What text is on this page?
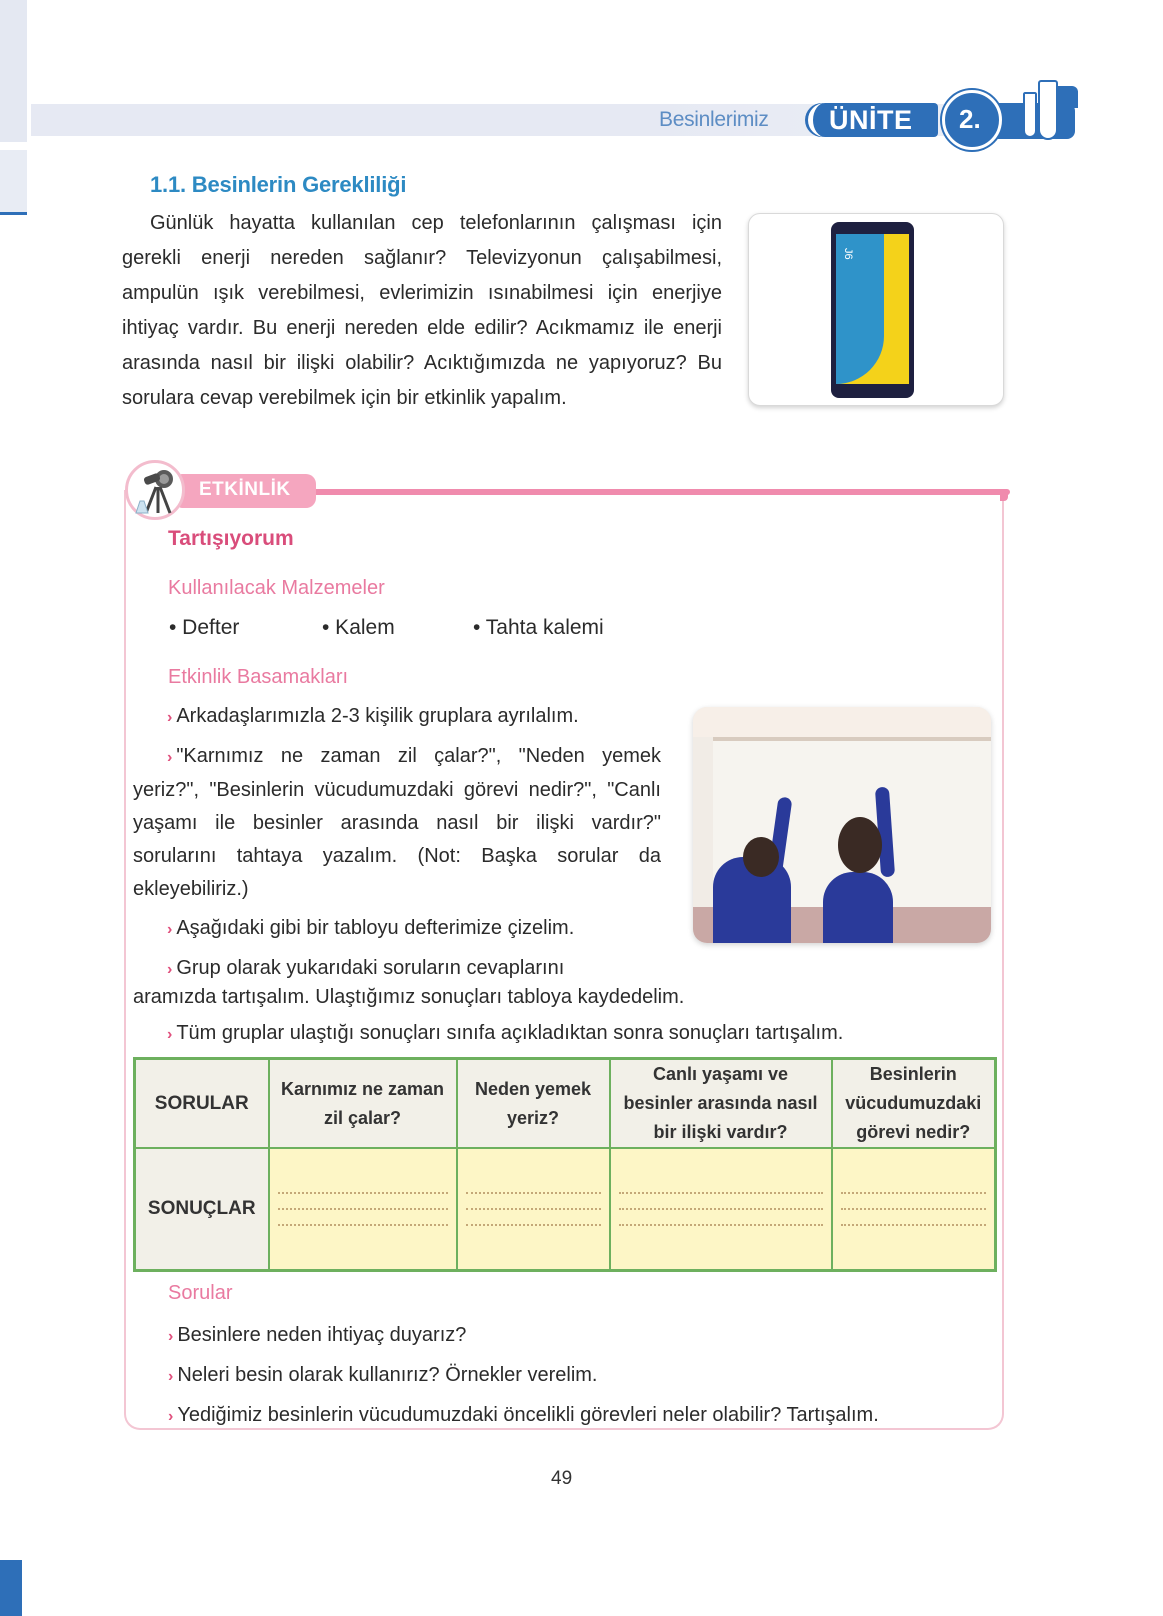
Besinlerimiz ÜNİTE 2.
1.1. Besinlerin Gerekliliği

Günlük hayatta kullanılan cep telefonlarının çalışması için gerekli enerji nereden sağlanır? Televizyonun çalışabilmesi, ampulün ışık verebilmesi, evlerimizin ısınabilmesi için enerjiye ihtiyaç vardır. Bu enerji nereden elde edilir? Acıkmamız ile enerji arasında nasıl bir ilişki olabilir? Acıktığımızda ne yapıyoruz? Bu sorulara cevap verebilmek için bir etkinlik yapalım.

J6
ETKİNLİK
Tartışıyorum
Kullanılacak Malzemeler
• Defter	• Kalem	• Tahta kalemi
Etkinlik Basamakları

› Arkadaşlarımızla 2-3 kişilik gruplara ayrılalım.

› "Karnımız ne zaman zil çalar?", "Neden yemek yeriz?", "Besinlerin vücudumuzdaki görevi nedir?", "Canlı yaşamı ile besinler arasında nasıl bir ilişki vardır?" sorularını tahtaya yazalım. (Not: Başka sorular da ekleyebiliriz.)

› Aşağıdaki gibi bir tabloyu defterimize çizelim.

› Grup olarak yukarıdaki soruların cevaplarını

aramızda tartışalım. Ulaştığımız sonuçları tabloya kaydedelim.
› Tüm gruplar ulaştığı sonuçları sınıfa açıkladıktan sonra sonuçları tartışalım.
SORULAR	Karnımız ne zaman zil çalar?	Neden yemek yeriz?	Canlı yaşamı ve besinler arasında nasıl bir ilişki vardır?	Besinlerin vücudumuzdaki görevi nedir?
SONUÇLAR	

Sorular
› Besinlere neden ihtiyaç duyarız?
› Neleri besin olarak kullanırız? Örnekler verelim.
› Yediğimiz besinlerin vücudumuzdaki öncelikli görevleri neler olabilir? Tartışalım.
49
